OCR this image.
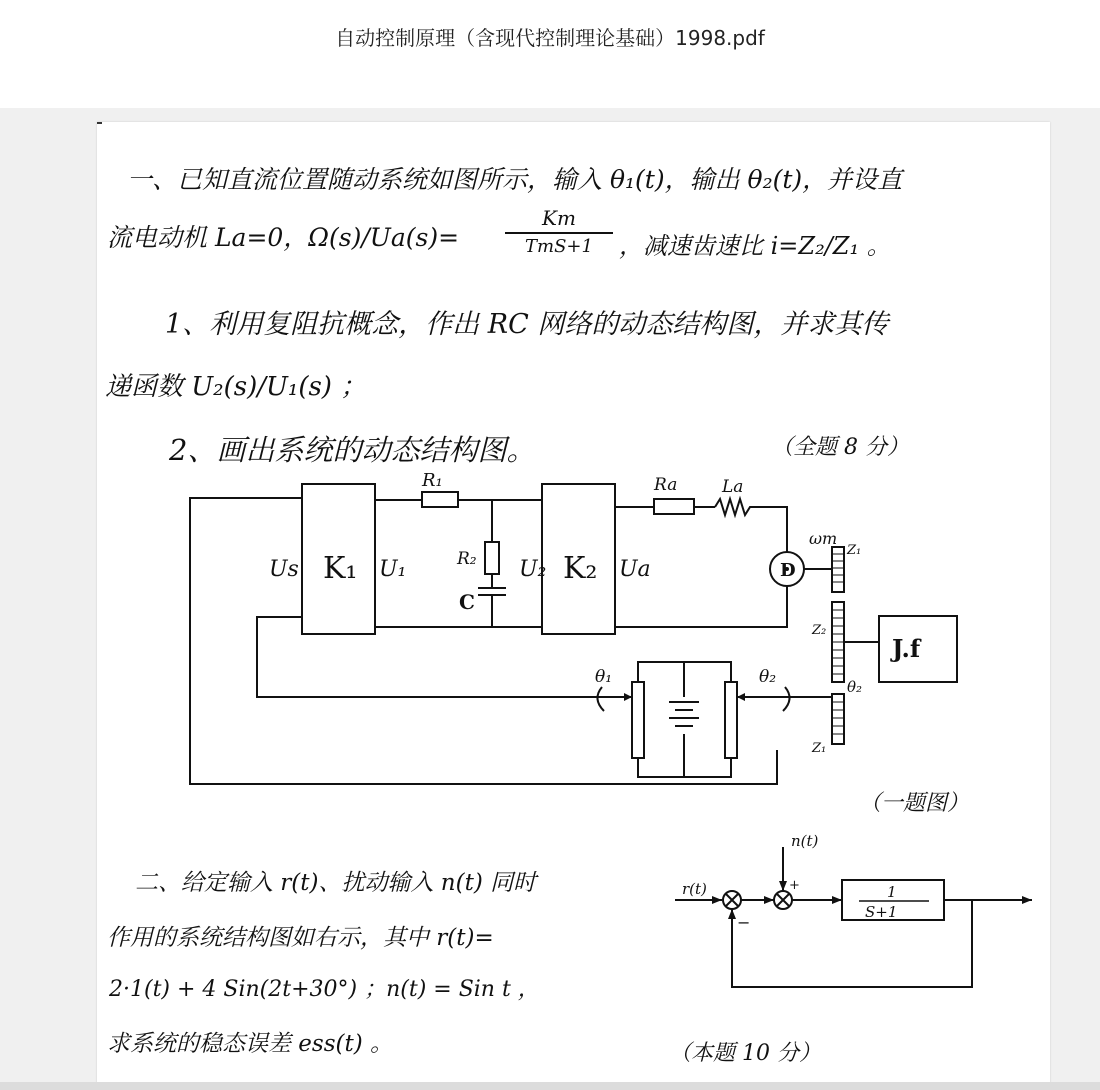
自动控制原理（含现代控制理论基础）1998.pdf
一、已知直流位置随动系统如图所示，输入 θ₁(t)，输出 θ₂(t)，并设直
流电动机 La=0，Ω(s)/Ua(s)=
Km
TmS+1	，减速齿速比 i=Z₂/Z₁ 。
1、利用复阻抗概念，作出 RC 网络的动态结构图，并求其传
递函数 U₂(s)/U₁(s) ；
2、画出系统的动态结构图。	（全题 8 分）
R₁
R₂
C
Ra	La
K₁	K₂
Us	U₁	U₂	Ua	D
ωm
Z₁
Z₂
Z₁
J.f
θ₁	θ₂	θ₂
r(t)
n(t)
+
−
1
S+1
（一题图）
二、给定输入 r(t)、扰动输入 n(t) 同时
作用的系统结构图如右示，其中 r(t)=
2·1(t) + 4 Sin(2t+30°) ；n(t) = Sin t ，
求系统的稳态误差 ess(t) 。	（本题 10 分）
